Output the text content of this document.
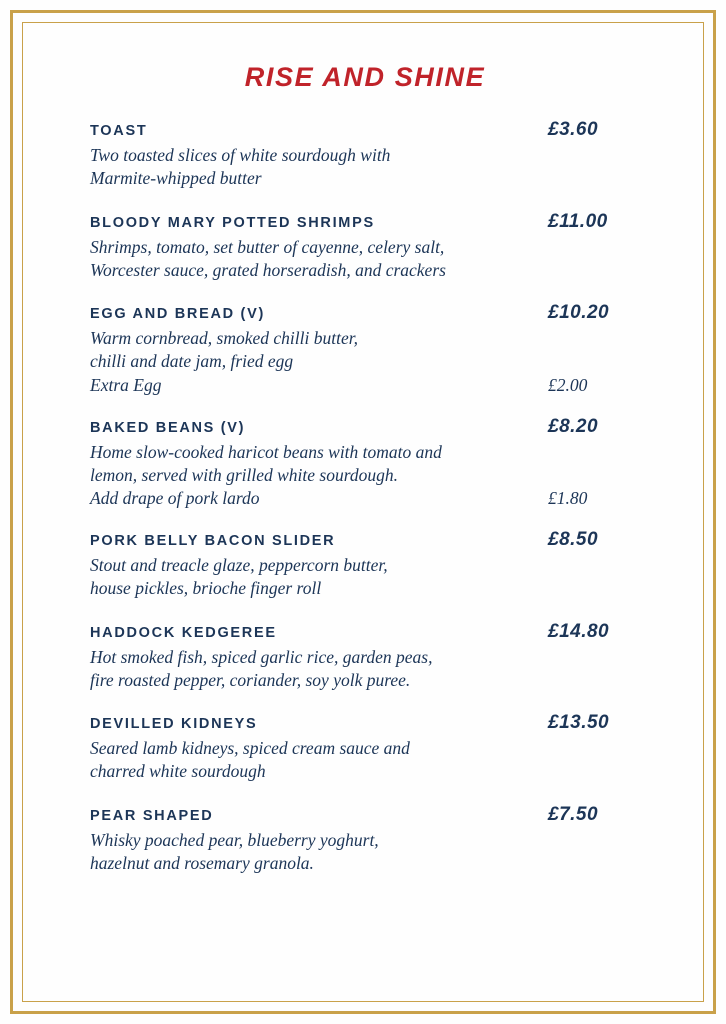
RISE AND SHINE
TOAST	£3.60
Two toasted slices of white sourdough with
Marmite-whipped butter
BLOODY MARY POTTED SHRIMPS	£11.00
Shrimps, tomato, set butter of cayenne, celery salt,
Worcester sauce, grated horseradish, and crackers
EGG AND BREAD (V)	£10.20
Warm cornbread, smoked chilli butter,
chilli and date jam, fried egg
Extra Egg	£2.00
BAKED BEANS (V)	£8.20
Home slow-cooked haricot beans with tomato and
lemon, served with grilled white sourdough.
Add drape of pork lardo	£1.80
PORK BELLY BACON SLIDER	£8.50
Stout and treacle glaze, peppercorn butter,
house pickles, brioche finger roll
HADDOCK KEDGEREE	£14.80
Hot smoked fish, spiced garlic rice, garden peas,
fire roasted pepper, coriander, soy yolk puree.
DEVILLED KIDNEYS	£13.50
Seared lamb kidneys, spiced cream sauce and
charred white sourdough
PEAR SHAPED	£7.50
Whisky poached pear, blueberry yoghurt,
hazelnut and rosemary granola.
